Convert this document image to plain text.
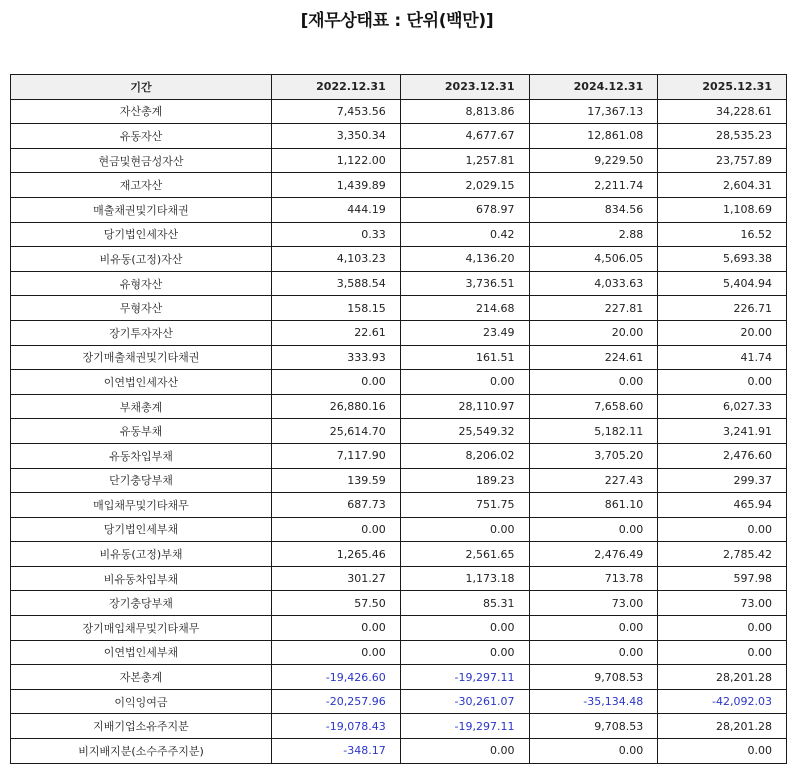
[재무상태표 : 단위(백만)]
기간	2022.12.31	2023.12.31	2024.12.31	2025.12.31
자산총계	7,453.56	8,813.86	17,367.13	34,228.61
유동자산	3,350.34	4,677.67	12,861.08	28,535.23
현금및현금성자산	1,122.00	1,257.81	9,229.50	23,757.89
재고자산	1,439.89	2,029.15	2,211.74	2,604.31
매출채권및기타채권	444.19	678.97	834.56	1,108.69
당기법인세자산	0.33	0.42	2.88	16.52
비유동(고정)자산	4,103.23	4,136.20	4,506.05	5,693.38
유형자산	3,588.54	3,736.51	4,033.63	5,404.94
무형자산	158.15	214.68	227.81	226.71
장기투자자산	22.61	23.49	20.00	20.00
장기매출채권및기타채권	333.93	161.51	224.61	41.74
이연법인세자산	0.00	0.00	0.00	0.00
부채총계	26,880.16	28,110.97	7,658.60	6,027.33
유동부채	25,614.70	25,549.32	5,182.11	3,241.91
유동차입부채	7,117.90	8,206.02	3,705.20	2,476.60
단기충당부채	139.59	189.23	227.43	299.37
매입채무및기타채무	687.73	751.75	861.10	465.94
당기법인세부채	0.00	0.00	0.00	0.00
비유동(고정)부채	1,265.46	2,561.65	2,476.49	2,785.42
비유동차입부채	301.27	1,173.18	713.78	597.98
장기충당부채	57.50	85.31	73.00	73.00
장기매입채무및기타채무	0.00	0.00	0.00	0.00
이연법인세부채	0.00	0.00	0.00	0.00
자본총계	-19,426.60	-19,297.11	9,708.53	28,201.28
이익잉여금	-20,257.96	-30,261.07	-35,134.48	-42,092.03
지배기업소유주지분	-19,078.43	-19,297.11	9,708.53	28,201.28
비지배지분(소수주주지분)	-348.17	0.00	0.00	0.00
